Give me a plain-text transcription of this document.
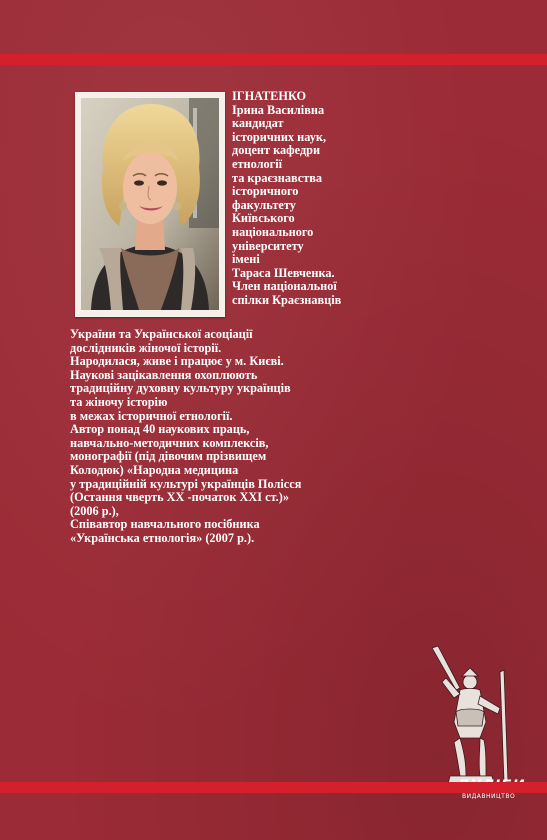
ІГНАТЕНКО
Ірина Василівна
кандидат
історичних наук,
доцент кафедри
етнології
та краєзнавства
історичного
факультету
Київського
національного
університету
імені
Тараса Шевченка.
Член національної
спілки Краєзнавців
України та Української асоціації
дослідників жіночої історії.
Народилася, живе і працює у м. Києві.
Наукові зацікавлення охоплюють
традиційну духовну культуру українців
та жіночу історію
в межах історичної етнології.
Автор понад 40 наукових праць,
навчально-методичних комплексів,
монографії (під дівочим прізвищем
Колодюк) «Народна медицина
у традиційній культурі українців Полісся
(Остання чверть XX -початок XXI ст.)»
(2006 р.),
Співавтор навчального посібника
«Українська етнологія» (2007 р.).
ВИДАВНИЦТВО
